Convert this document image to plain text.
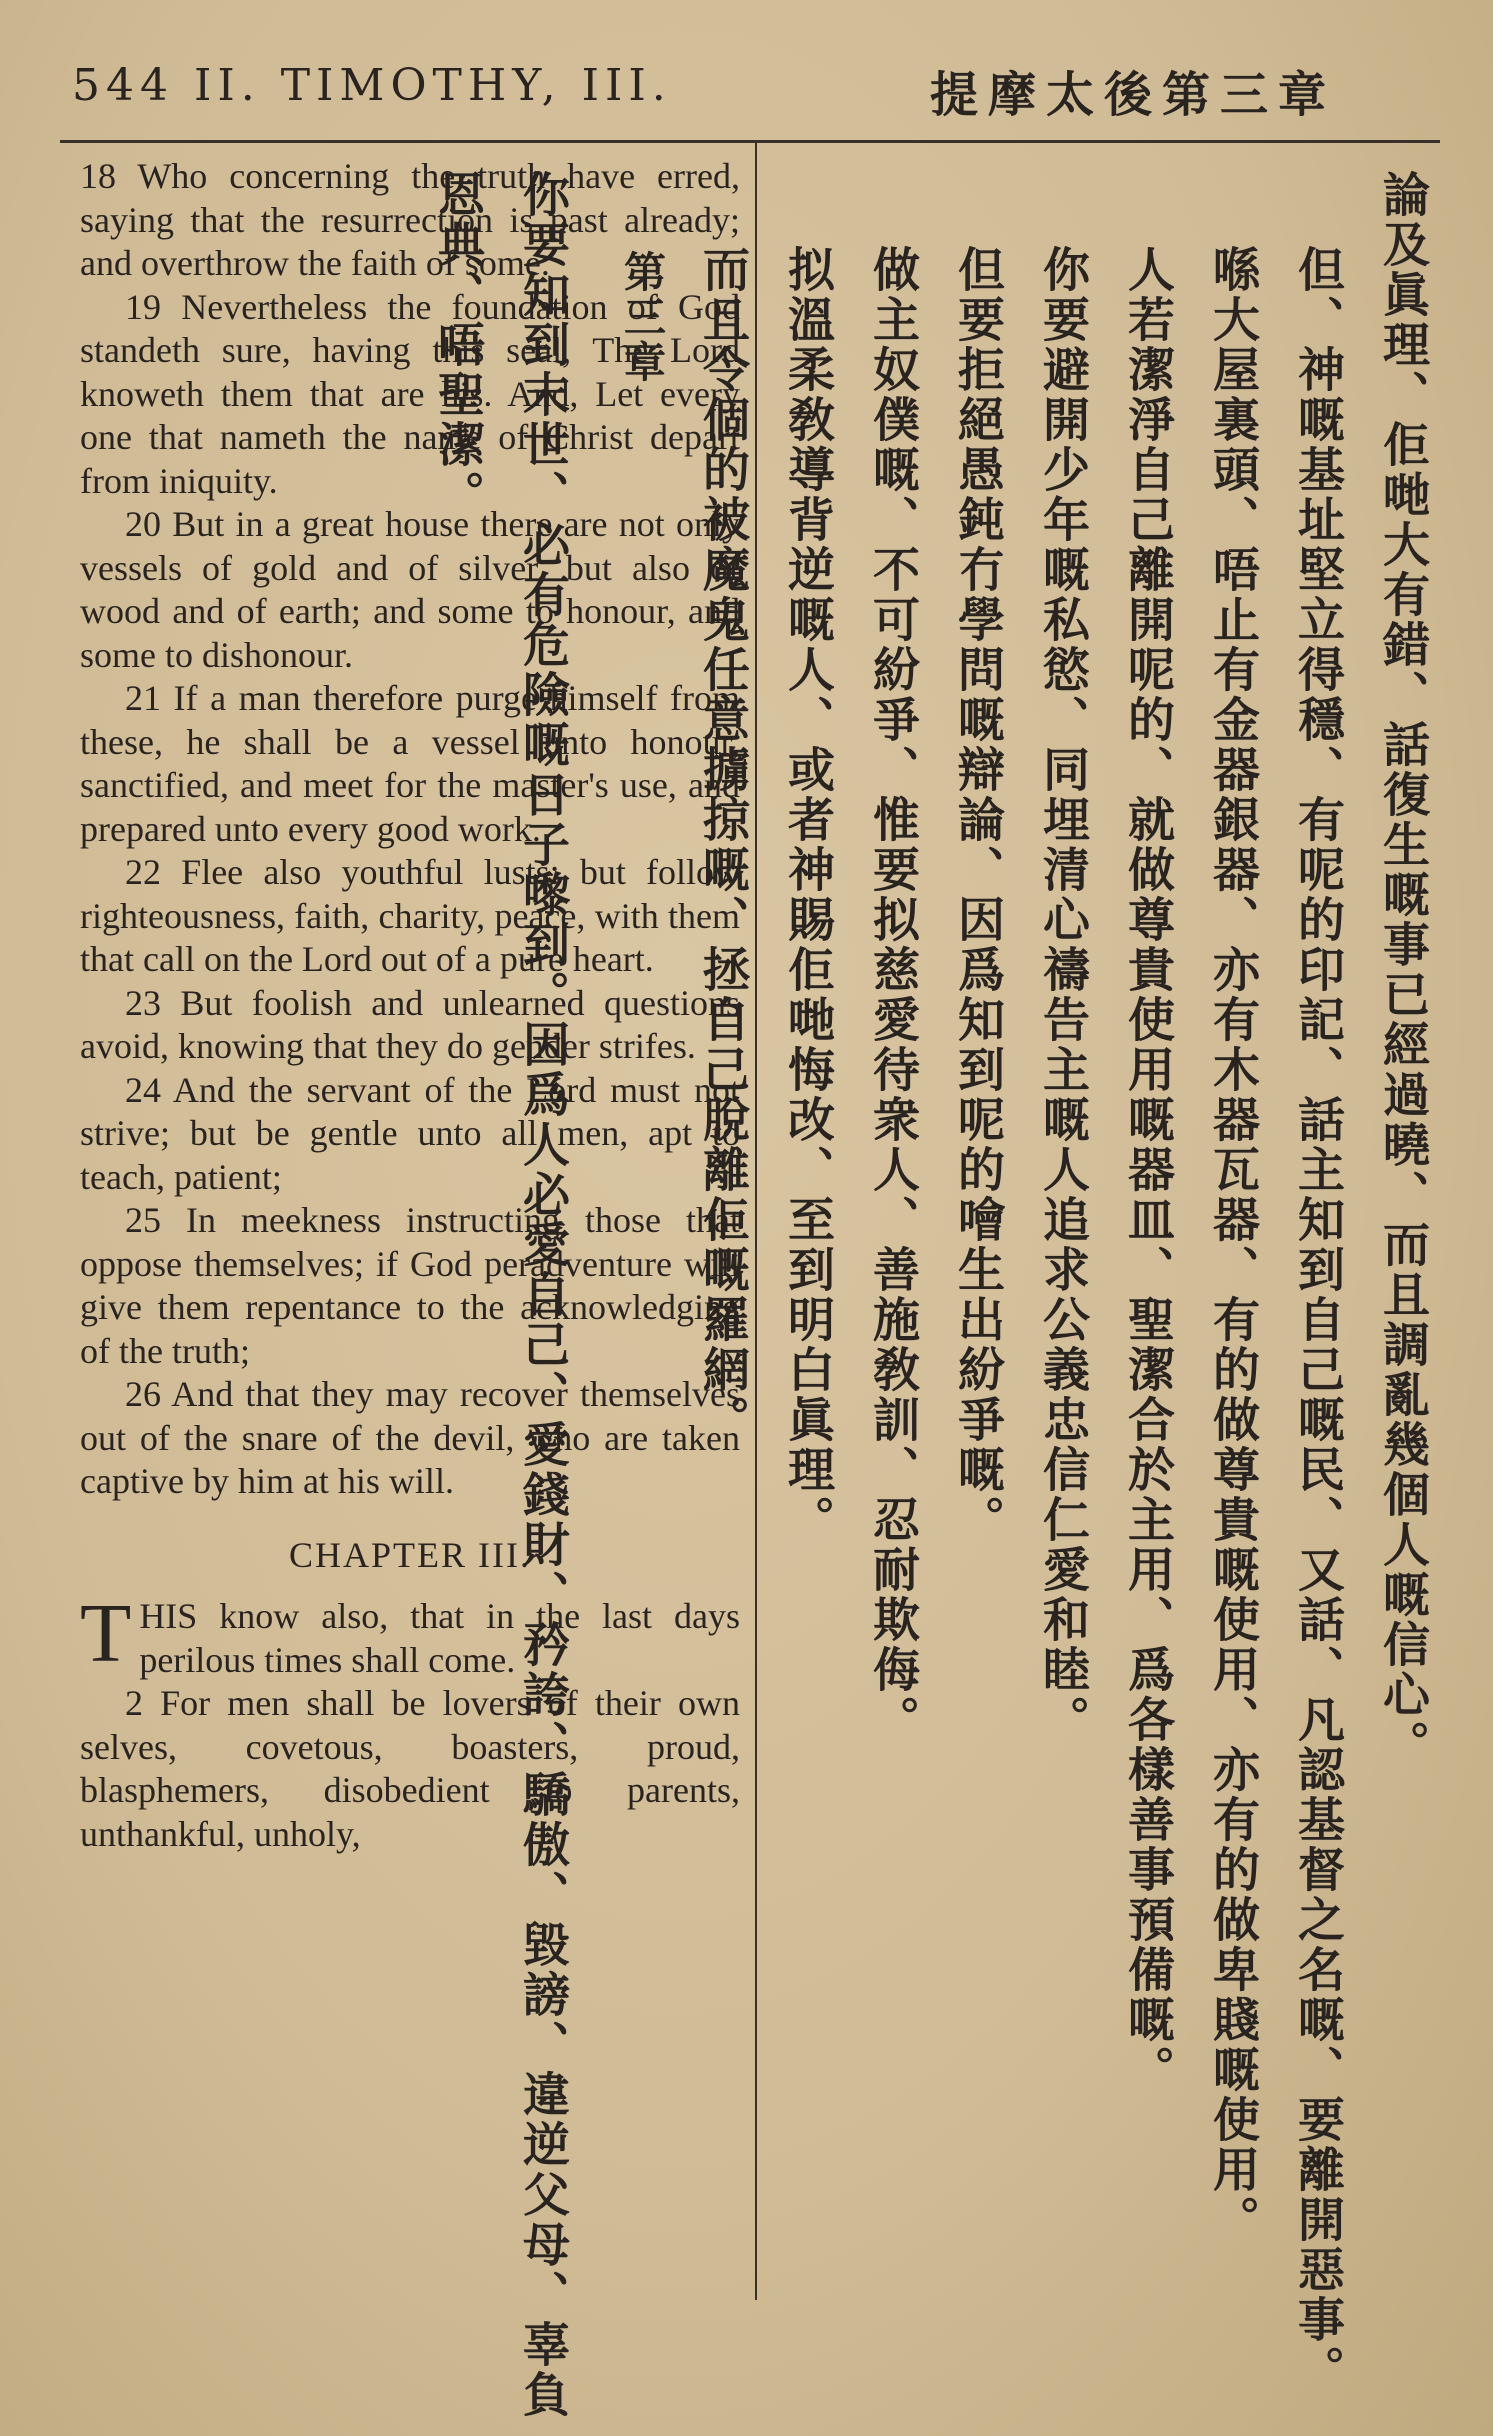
544 II. TIMOTHY, III.	提摩太後第三章

18 Who concerning the truth have erred, saying that the resurrection is past already; and overthrow the faith of some.

19 Nevertheless the foundation of God standeth sure, having this seal, The Lord knoweth them that are his. And, Let every one that nameth the name of Christ depart from iniquity.

20 But in a great house there are not only vessels of gold and of silver, but also of wood and of earth; and some to honour, and some to dishonour.

21 If a man therefore purge himself from these, he shall be a vessel unto honour, sanctified, and meet for the master's use, and prepared unto every good work.

22 Flee also youthful lusts: but follow righteousness, faith, charity, peace, with them that call on the Lord out of a pure heart.

23 But foolish and unlearned questions avoid, knowing that they do gender strifes.

24 And the servant of the Lord must not strive; but be gentle unto all men, apt to teach, patient;

25 In meekness instructing those that oppose themselves; if God peradventure will give them repentance to the acknowledging of the truth;

26 And that they may recover themselves out of the snare of the devil, who are taken captive by him at his will.

CHAPTER III.

THIS know also, that in the last days perilous times shall come.

2 For men shall be lovers of their own selves, covetous, boasters, proud, blasphemers, disobedient to parents, unthankful, unholy,

論及眞理、佢哋大有錯、話復生嘅事已經過曉、而且調亂幾個人嘅信心。

但、神嘅基址堅立得穩、有呢的印記、話主知到自己嘅民、又話、凡認基督之名嘅、要離開惡事。

喺大屋裏頭、唔止有金器銀器、亦有木器瓦器、有的做尊貴嘅使用、亦有的做卑賤嘅使用。

人若潔淨自己離開呢的、就做尊貴使用嘅器皿、聖潔合於主用、爲各樣善事預備嘅。

你要避開少年嘅私慾、同埋清心禱告主嘅人追求公義忠信仁愛和睦。

但要拒絕愚鈍冇學問嘅辯論、因爲知到呢的噲生出紛爭嘅。

做主奴僕嘅、不可紛爭、惟要拟慈愛待衆人、善施敎訓、忍耐欺侮。

拟溫柔敎導背逆嘅人、或者神賜佢哋悔改、至到明白眞理。

而且令個的被魔鬼任意擄掠嘅、拯自己脫離佢嘅羅網。

第三章

你要知到末世、必有危險嘅日子嚟到。因爲人必愛自己、愛錢財、矜誇、驕傲、毀謗、違逆父母、辜負恩典、唔聖潔。
